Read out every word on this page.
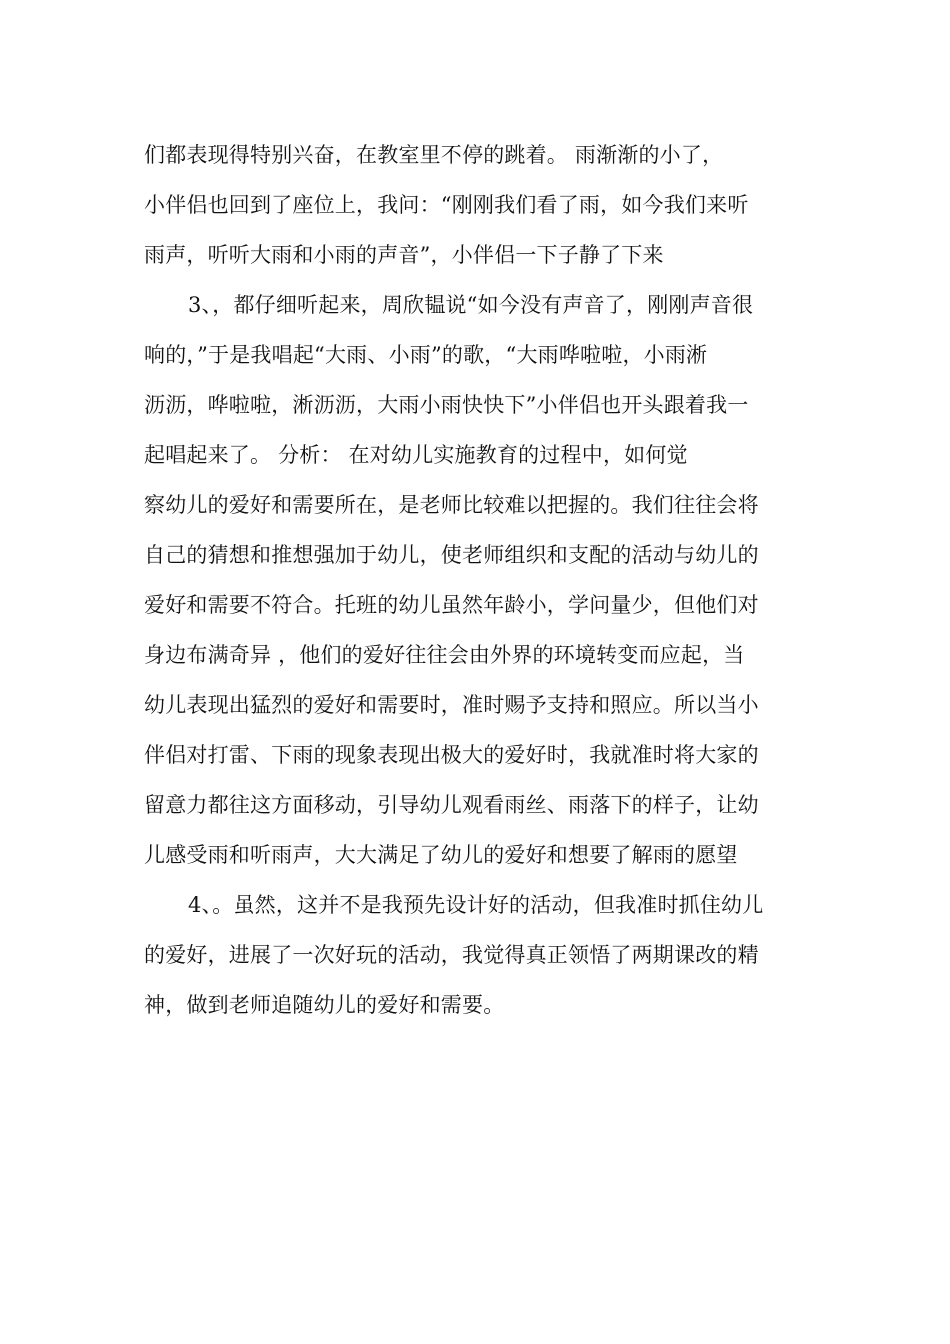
们都表现得特别兴奋，在教室里不停的跳着。 雨渐渐的小了，
小伴侣也回到了座位上，我问：“刚刚我们看了雨，如今我们来听
雨声，听听大雨和小雨的声音”，小伴侣一下子静了下来
3、，都仔细听起来，周欣韫说“如今没有声音了，刚刚声音很
响的，”于是我唱起“大雨、小雨”的歌，“大雨哗啦啦，小雨淅
沥沥，哗啦啦，淅沥沥，大雨小雨快快下”小伴侣也开头跟着我一
起唱起来了。 分析： 在对幼儿实施教育的过程中，如何觉
察幼儿的爱好和需要所在，是老师比较难以把握的。我们往往会将
自己的猜想和推想强加于幼儿，使老师组织和支配的活动与幼儿的
爱好和需要不符合。托班的幼儿虽然年龄小，学问量少，但他们对
身边布满奇异 ，他们的爱好往往会由外界的环境转变而应起，当
幼儿表现出猛烈的爱好和需要时，准时赐予支持和照应。所以当小
伴侣对打雷、下雨的现象表现出极大的爱好时，我就准时将大家的
留意力都往这方面移动，引导幼儿观看雨丝、雨落下的样子，让幼
儿感受雨和听雨声，大大满足了幼儿的爱好和想要了解雨的愿望
4、。虽然，这并不是我预先设计好的活动，但我准时抓住幼儿
的爱好，进展了一次好玩的活动，我觉得真正领悟了两期课改的精
神，做到老师追随幼儿的爱好和需要。
